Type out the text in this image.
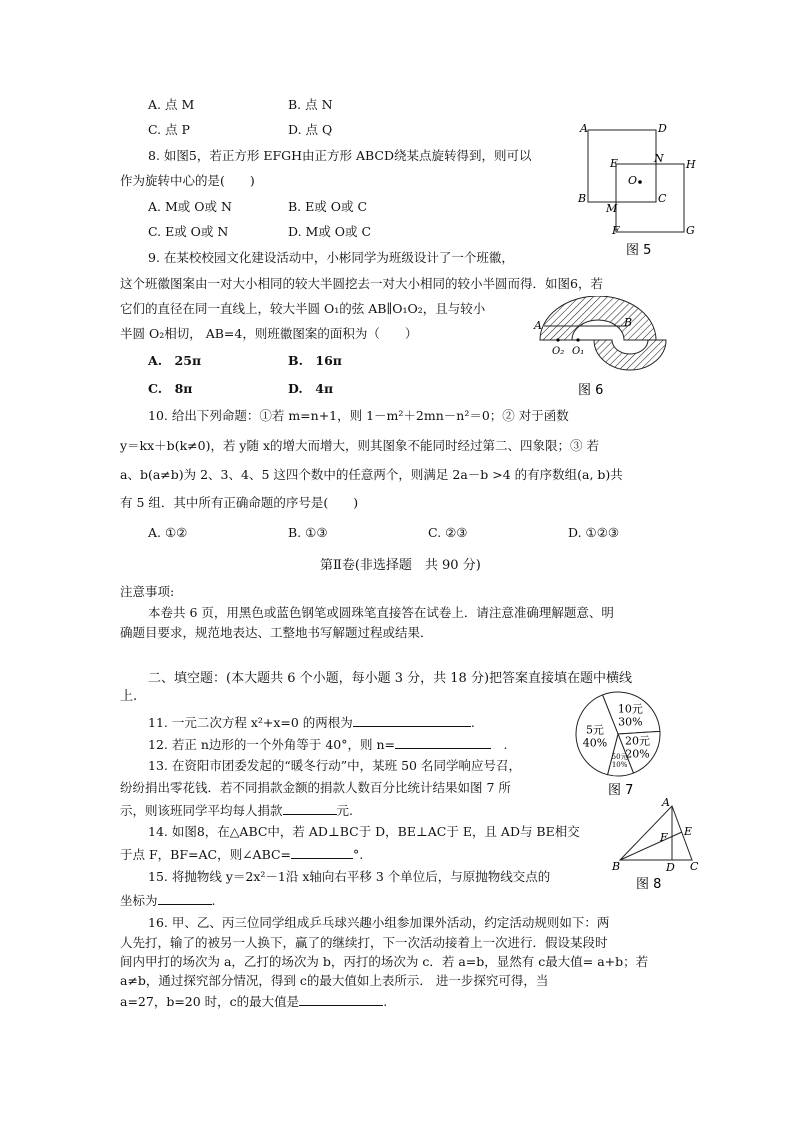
A. 点 M	B. 点 N
C. 点 P	D. 点 Q
8. 如图5，若正方形 EFGH由正方形 ABCD绕某点旋转得到，则可以
作为旋转中心的是(　　)
A. M或 O或 N	B. E或 O或 C
C. E或 O或 N	D. M或 O或 C
A	D
E	N H
O
B
M
C
F	G
图 5
9. 在某校校园文化建设活动中，小彬同学为班级设计了一个班徽，
这个班徽图案由一对大小相同的较大半圆挖去一对大小相同的较小半圆而得．如图6，若
它们的直径在同一直线上，较大半圆 O₁的弦 AB∥O₁O₂，且与较小
半圆 O₂相切， AB=4，则班徽图案的面积为（　　）
A.　25π	B.　16π
C.　8π	D.　4π
A	B
O₂ O₁
图 6
10. 给出下列命题：①若 m=n+1，则 1－m²＋2mn－n²＝0；② 对于函数
y＝kx＋b(k≠0)，若 y随 x的增大而增大，则其图象不能同时经过第二、四象限；③ 若
a、b(a≠b)为 2、3、4、5 这四个数中的任意两个，则满足 2a－b >4 的有序数组(a, b)共
有 5 组．其中所有正确命题的序号是(　　)
A. ①②	B. ①③	C. ②③	D. ①②③
第Ⅱ卷(非选择题　共 90 分)
注意事项:
本卷共 6 页，用黑色或蓝色钢笔或圆珠笔直接答在试卷上．请注意准确理解题意、明
确题目要求，规范地表达、工整地书写解题过程或结果．
二、填空题：(本大题共 6 个小题，每小题 3 分，共 18 分)把答案直接填在题中横线
上.
11. 一元二次方程 x²+x=0 的两根为	.
12. 若正 n边形的一个外角等于 40°，则 n=	　.
13. 在资阳市团委发起的“暖冬行动”中，某班 50 名同学响应号召，
纷纷捐出零花钱．若不同捐款金额的捐款人数百分比统计结果如图 7 所
示，则该班同学平均每人捐款	元.
10元
30%
20元
20%
50元
10%
5元
40%
图 7
14. 如图8，在△ABC中，若 AD⊥BC于 D，BE⊥AC于 E，且 AD与 BE相交
于点 F，BF=AC，则∠ABC=	°.
A
E
F
B	D C
图 8
15. 将抛物线 y＝2x²－1沿 x轴向右平移 3 个单位后，与原抛物线交点的
坐标为	.
16. 甲、乙、丙三位同学组成乒乓球兴趣小组参加课外活动，约定活动规则如下：两
人先打，输了的被另一人换下，赢了的继续打，下一次活动接着上一次进行．假设某段时
间内甲打的场次为 a，乙打的场次为 b，丙打的场次为 c．若 a=b，显然有 c最大值= a+b；若
a≠b，通过探究部分情况，得到 c的最大值如上表所示． 进一步探究可得，当
a=27，b=20 时，c的最大值是	.
